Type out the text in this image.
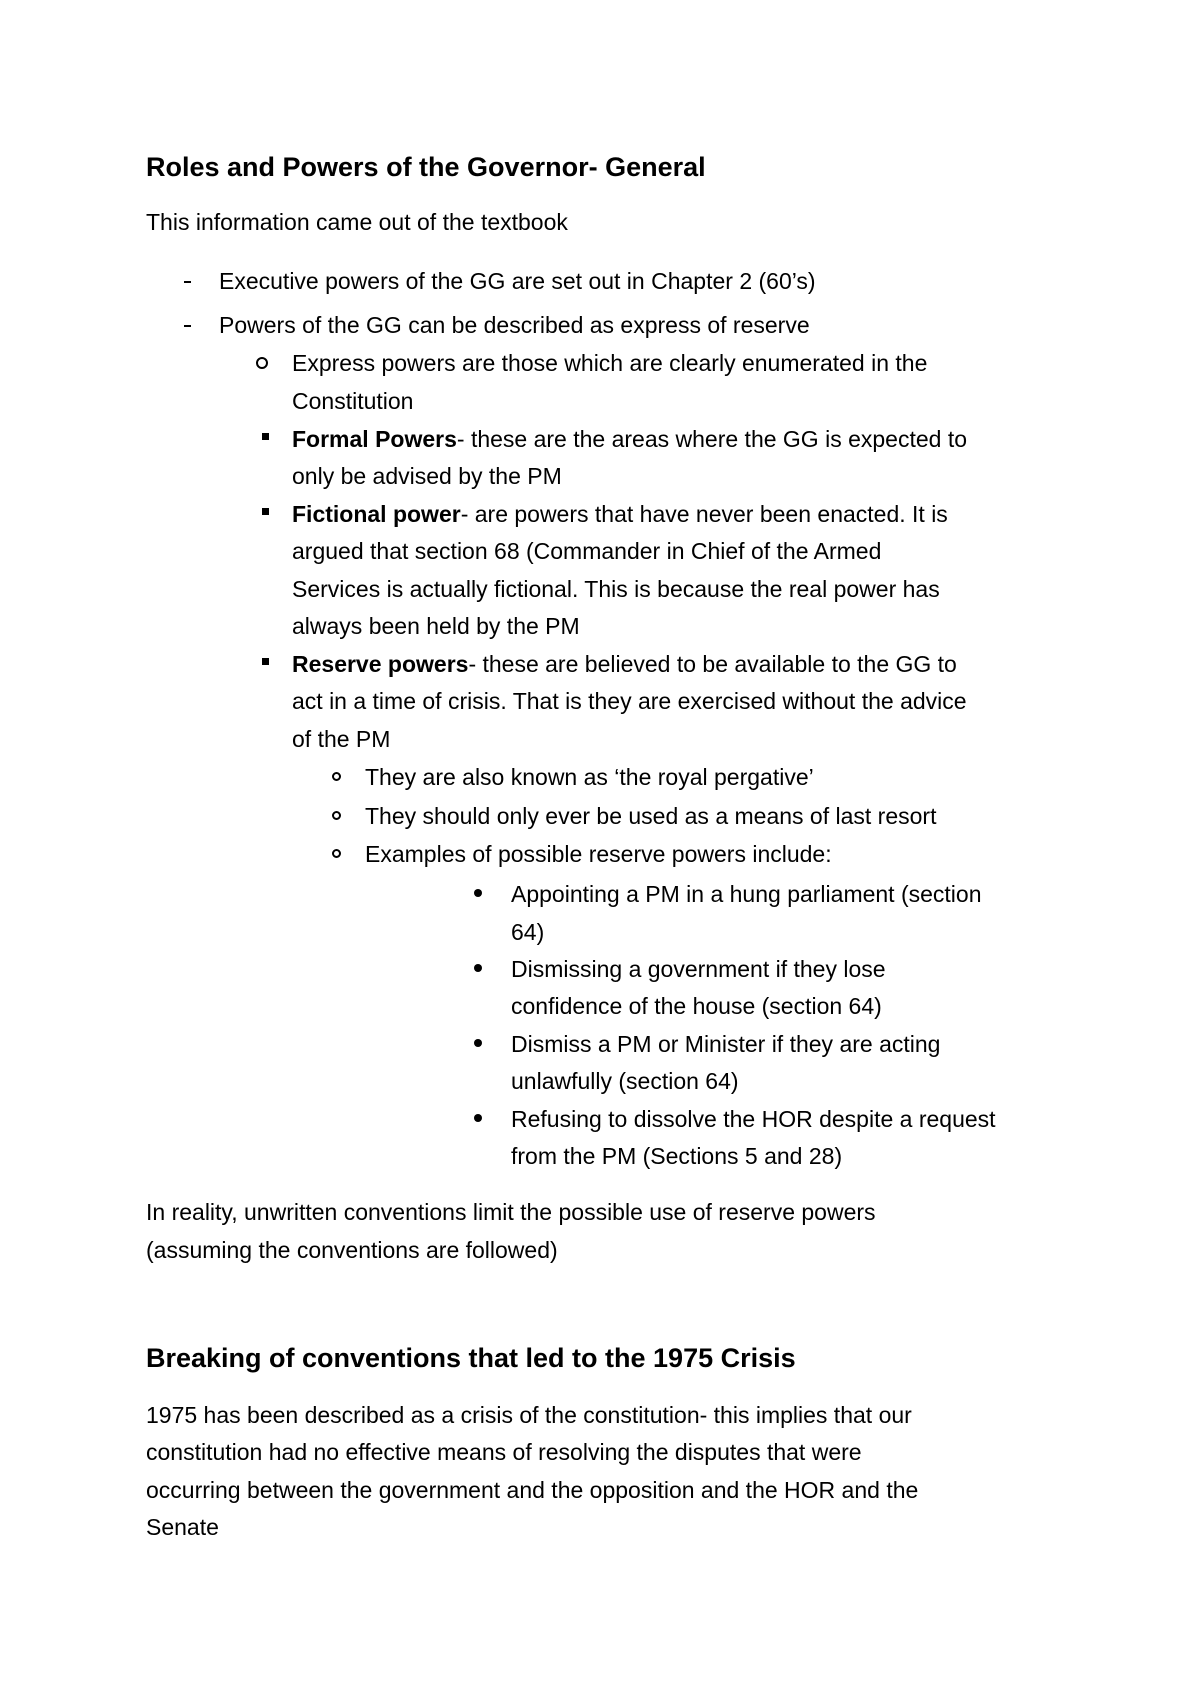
Roles and Powers of the Governor- General
This information came out of the textbook
Executive powers of the GG are set out in Chapter 2 (60’s)
Powers of the GG can be described as express of reserve
Express powers are those which are clearly enumerated in the
Constitution
Formal Powers- these are the areas where the GG is expected to
only be advised by the PM
Fictional power- are powers that have never been enacted. It is
argued that section 68 (Commander in Chief of the Armed
Services is actually fictional. This is because the real power has
always been held by the PM
Reserve powers- these are believed to be available to the GG to
act in a time of crisis. That is they are exercised without the advice
of the PM
They are also known as ‘the royal pergative’
They should only ever be used as a means of last resort
Examples of possible reserve powers include:
Appointing a PM in a hung parliament (section
64)
Dismissing a government if they lose
confidence of the house (section 64)
Dismiss a PM or Minister if they are acting
unlawfully (section 64)
Refusing to dissolve the HOR despite a request
from the PM (Sections 5 and 28)
In reality, unwritten conventions limit the possible use of reserve powers
(assuming the conventions are followed)
Breaking of conventions that led to the 1975 Crisis
1975 has been described as a crisis of the constitution- this implies that our
constitution had no effective means of resolving the disputes that were
occurring between the government and the opposition and the HOR and the
Senate
